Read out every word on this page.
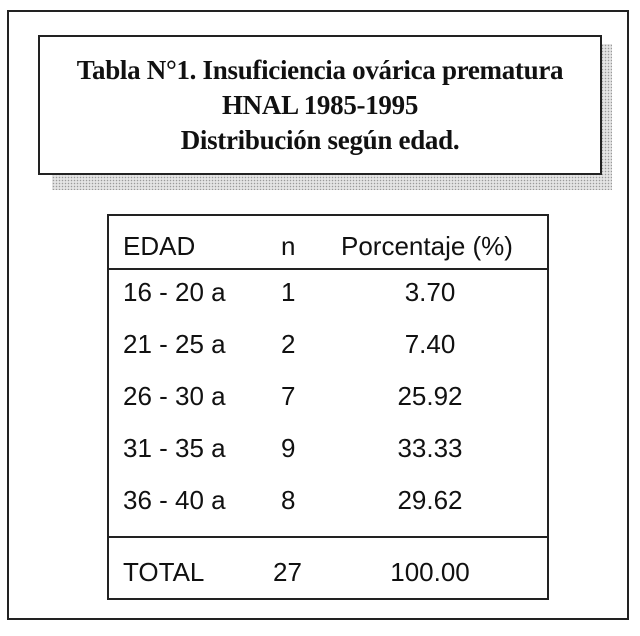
Tabla N°1. Insuficiencia ovárica prematura
HNAL 1985-1995
Distribución según edad.
EDAD	n Porcentaje (%)
16 - 20 a 1	3.70
21 - 25 a 2	7.40
26 - 30 a 7	25.92
31 - 35 a 9	33.33
36 - 40 a 8	29.62
TOTAL	27	100.00
